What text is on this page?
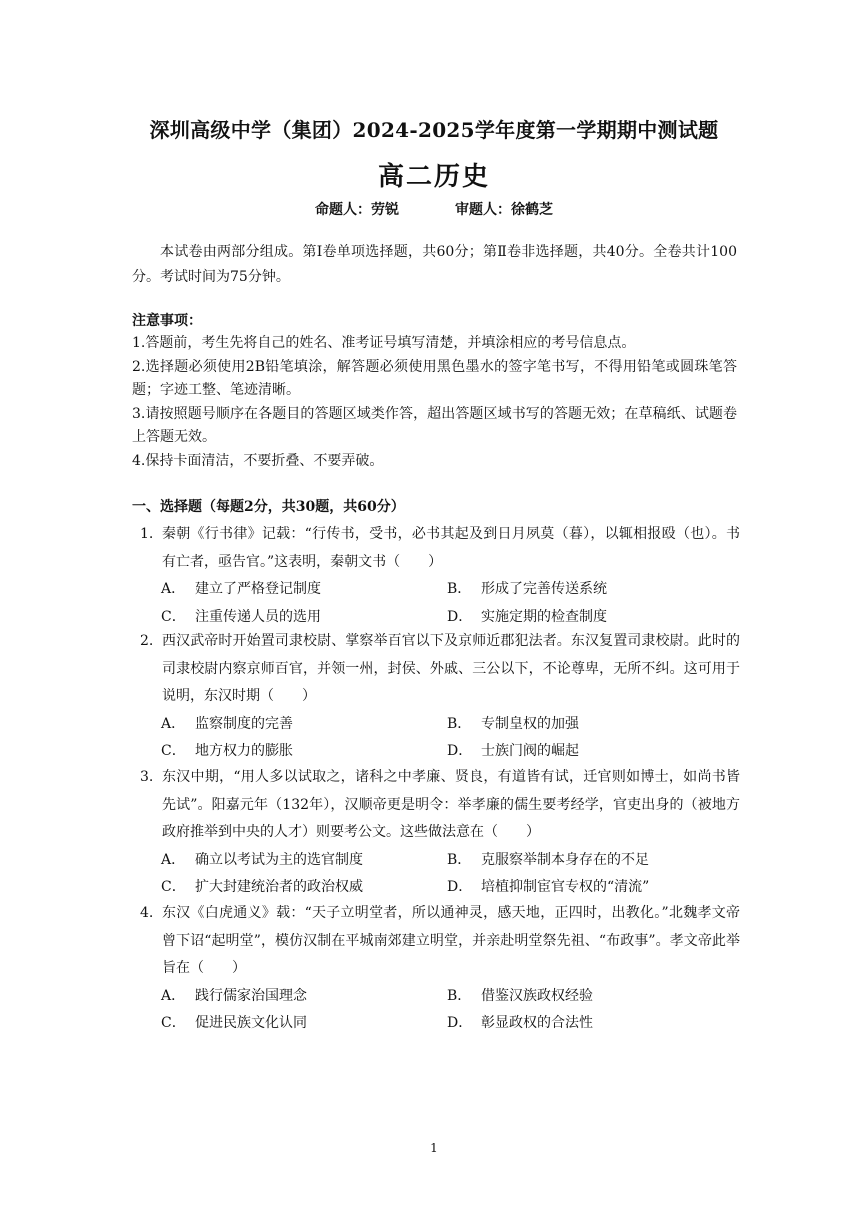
深圳高级中学（集团）2024-2025学年度第一学期期中测试题
高二历史
命题人：劳锐	审题人：徐鹤芝
本试卷由两部分组成。第Ⅰ卷单项选择题，共60分；第Ⅱ卷非选择题，共40分。全卷共计100分。考试时间为75分钟。
注意事项：

1.答题前，考生先将自己的姓名、准考证号填写清楚，并填涂相应的考号信息点。

2.选择题必须使用2B铅笔填涂，解答题必须使用黑色墨水的签字笔书写，不得用铅笔或圆珠笔答题；字迹工整、笔迹清晰。

3.请按照题号顺序在各题目的答题区域类作答，超出答题区域书写的答题无效；在草稿纸、试题卷上答题无效。

4.保持卡面清洁，不要折叠、不要弄破。

一、选择题（每题2分，共30题，共60分）
1. 秦朝《行书律》记载：“行传书，受书，必书其起及到日月夙莫（暮），以辄相报殴（也）。书有亡者，亟告官。”这表明，秦朝文书（　　）
A． 建立了严格登记制度	B． 形成了完善传送系统
C． 注重传递人员的选用	D． 实施定期的检查制度
2. 西汉武帝时开始置司隶校尉、掌察举百官以下及京师近郡犯法者。东汉复置司隶校尉。此时的司隶校尉内察京师百官，并领一州，封侯、外戚、三公以下，不论尊卑，无所不纠。这可用于说明，东汉时期（　　）
A． 监察制度的完善	B． 专制皇权的加强
C． 地方权力的膨胀	D． 士族门阀的崛起
3. 东汉中期，“用人多以试取之，诸科之中孝廉、贤良，有道皆有试，迁官则如博士，如尚书皆先试”。阳嘉元年（132年），汉顺帝更是明令：举孝廉的儒生要考经学，官吏出身的（被地方政府推举到中央的人才）则要考公文。这些做法意在（　　）
A． 确立以考试为主的选官制度	B． 克服察举制本身存在的不足
C． 扩大封建统治者的政治权威	D． 培植抑制宦官专权的“清流”
4. 东汉《白虎通义》载：“天子立明堂者，所以通神灵，感天地，正四时，出教化。”北魏孝文帝曾下诏“起明堂”，模仿汉制在平城南郊建立明堂，并亲赴明堂祭先祖、“布政事”。孝文帝此举旨在（　　）
A． 践行儒家治国理念	B． 借鉴汉族政权经验
C． 促进民族文化认同	D． 彰显政权的合法性
1
